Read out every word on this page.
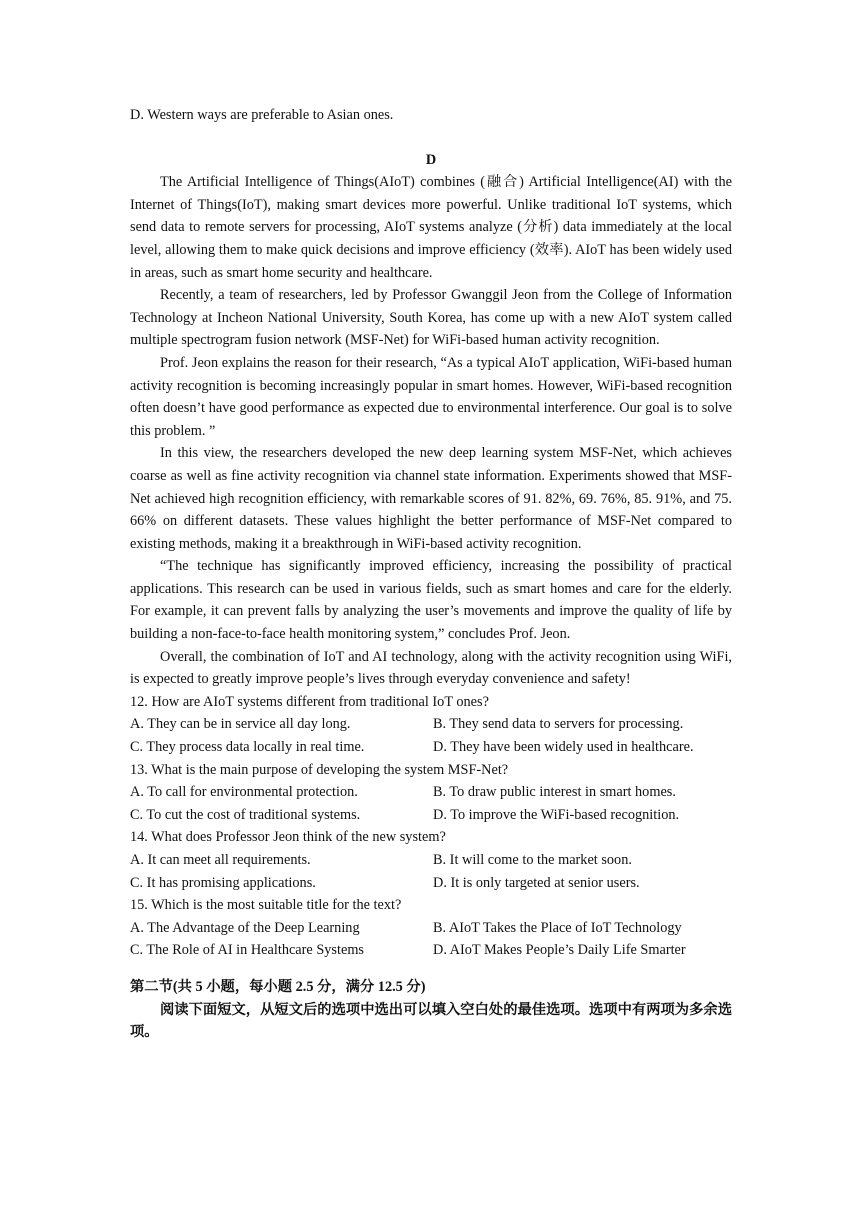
D. Western ways are preferable to Asian ones.

D

The Artificial Intelligence of Things(AIoT) combines (融合) Artificial Intelligence(AI) with the Internet of Things(IoT), making smart devices more powerful. Unlike traditional IoT systems, which send data to remote servers for processing, AIoT systems analyze (分析) data immediately at the local level, allowing them to make quick decisions and improve efficiency (效率). AIoT has been widely used in areas, such as smart home security and healthcare.

Recently, a team of researchers, led by Professor Gwanggil Jeon from the College of Information Technology at Incheon National University, South Korea, has come up with a new AIoT system called multiple spectrogram fusion network (MSF-Net) for WiFi-based human activity recognition.

Prof. Jeon explains the reason for their research, “As a typical AIoT application, WiFi-based human activity recognition is becoming increasingly popular in smart homes. However, WiFi-based recognition often doesn’t have good performance as expected due to environmental interference. Our goal is to solve this problem. ”

In this view, the researchers developed the new deep learning system MSF-Net, which achieves coarse as well as fine activity recognition via channel state information. Experiments showed that MSF-Net achieved high recognition efficiency, with remarkable scores of 91. 82%, 69. 76%, 85. 91%, and 75. 66% on different datasets. These values highlight the better performance of MSF-Net compared to existing methods, making it a breakthrough in WiFi-based activity recognition.

“The technique has significantly improved efficiency, increasing the possibility of practical applications. This research can be used in various fields, such as smart homes and care for the elderly. For example, it can prevent falls by analyzing the user’s movements and improve the quality of life by building a non-face-to-face health monitoring system,” concludes Prof. Jeon.

Overall, the combination of IoT and AI technology, along with the activity recognition using WiFi, is expected to greatly improve people’s lives through everyday convenience and safety!

12. How are AIoT systems different from traditional IoT ones?

A. They can be in service all day long.	B. They send data to servers for processing.
C. They process data locally in real time.	D. They have been widely used in healthcare.

13. What is the main purpose of developing the system MSF-Net?

A. To call for environmental protection.	B. To draw public interest in smart homes.
C. To cut the cost of traditional systems.	D. To improve the WiFi-based recognition.

14. What does Professor Jeon think of the new system?

A. It can meet all requirements.	B. It will come to the market soon.
C. It has promising applications.	D. It is only targeted at senior users.

15. Which is the most suitable title for the text?

A. The Advantage of the Deep Learning	B. AIoT Takes the Place of IoT Technology
C. The Role of AI in Healthcare Systems	D. AIoT Makes People’s Daily Life Smarter

第二节(共 5 小题，每小题 2.5 分，满分 12.5 分)

阅读下面短文，从短文后的选项中选出可以填入空白处的最佳选项。选项中有两项为多余选项。
